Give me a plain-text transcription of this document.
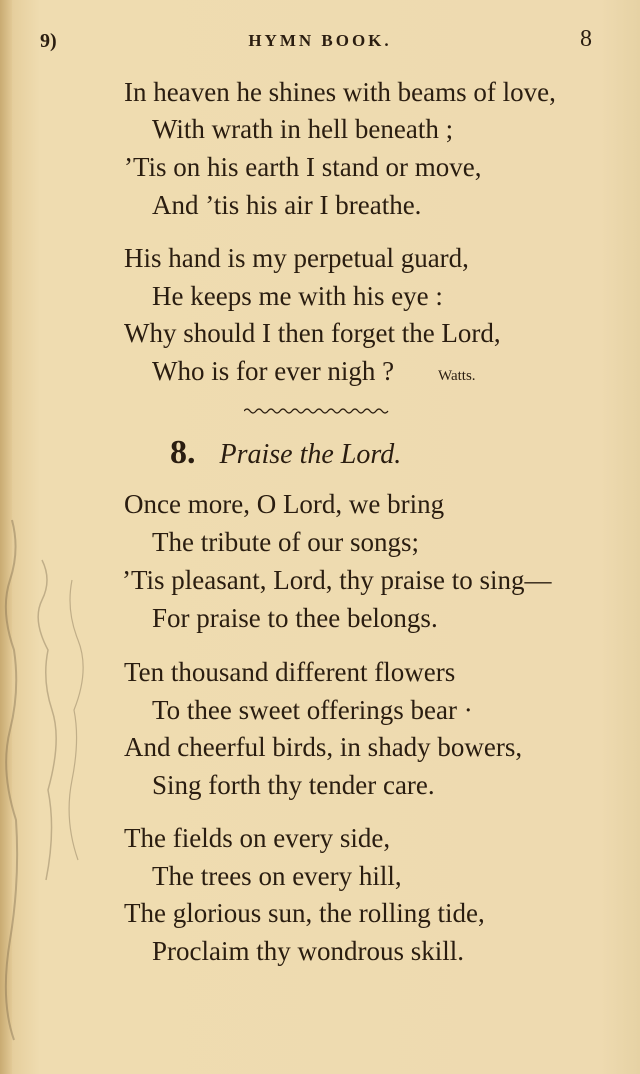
9)	HYMN BOOK.	8
In heaven he shines with beams of love,
With wrath in hell beneath ;
’Tis on his earth I stand or move,
And ’tis his air I breathe.
His hand is my perpetual guard,
He keeps me with his eye :
Why should I then forget the Lord,
Who is for ever nigh ?	Watts.
8. Praise the Lord.
Once more, O Lord, we bring
The tribute of our songs;
’Tis pleasant, Lord, thy praise to sing—
For praise to thee belongs.
Ten thousand different flowers
To thee sweet offerings bear ·
And cheerful birds, in shady bowers,
Sing forth thy tender care.
The fields on every side,
The trees on every hill,
The glorious sun, the rolling tide,
Proclaim thy wondrous skill.
